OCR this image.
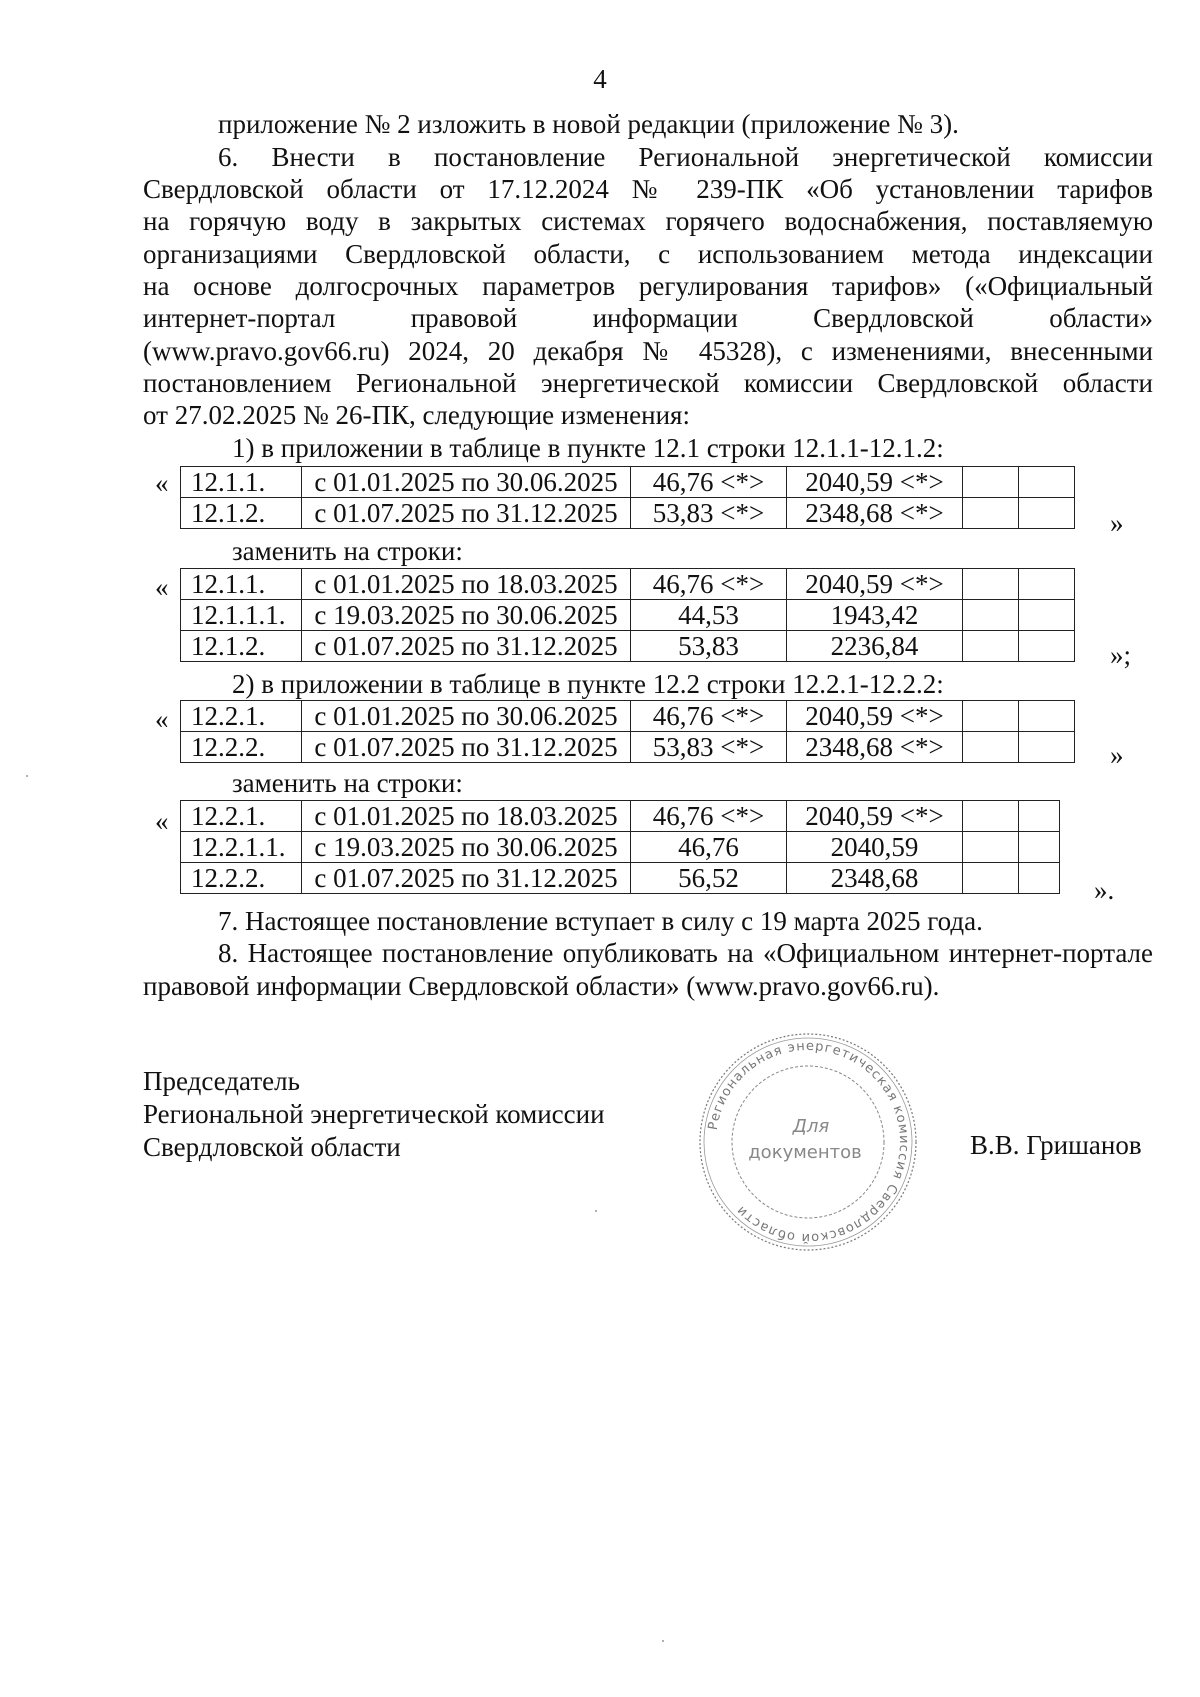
4
приложение № 2 изложить в новой редакции (приложение № 3).
6. Внести в постановление Региональной энергетической комиссии
Свердловской области от 17.12.2024 № 239-ПК «Об установлении тарифов
на горячую воду в закрытых системах горячего водоснабжения, поставляемую
организациями Свердловской области, с использованием метода индексации
на основе долгосрочных параметров регулирования тарифов» («Официальный
интернет-портал правовой информации Свердловской области»
(www.pravo.gov66.ru) 2024, 20 декабря № 45328), с изменениями, внесенными
постановлением Региональной энергетической комиссии Свердловской области
от 27.02.2025 № 26-ПК, следующие изменения:
1) в приложении в таблице в пункте 12.1 строки 12.1.1-12.1.2:
« 12.1.1.	с 01.01.2025 по 30.06.2025	46,76 <*>	2040,59 <*>		
12.1.2.	с 01.07.2025 по 31.12.2025	53,83 <*>	2348,68 <*>			»
заменить на строки:
« 12.1.1.	с 01.01.2025 по 18.03.2025	46,76 <*>	2040,59 <*>		
12.1.1.1.	с 19.03.2025 по 30.06.2025	44,53	1943,42		
12.1.2.	с 01.07.2025 по 31.12.2025	53,83	2236,84			»;
2) в приложении в таблице в пункте 12.2 строки 12.2.1-12.2.2:
« 12.2.1.	с 01.01.2025 по 30.06.2025	46,76 <*>	2040,59 <*>		
12.2.2.	с 01.07.2025 по 31.12.2025	53,83 <*>	2348,68 <*>			»
заменить на строки:
« 12.2.1.	с 01.01.2025 по 18.03.2025	46,76 <*>	2040,59 <*>		
12.2.1.1.	с 19.03.2025 по 30.06.2025	46,76	2040,59		
12.2.2.	с 01.07.2025 по 31.12.2025	56,52	2348,68			».
7. Настоящее постановление вступает в силу с 19 марта 2025 года.
8. Настоящее постановление опубликовать на «Официальном интернет-портале правовой информации Свердловской области» (www.pravo.gov66.ru).
Председатель
Региональной энергетической комиссии
Свердловской области	В.В. Гришанов
Региональная энергетическая комиссия Свердловской области
Для
документов
